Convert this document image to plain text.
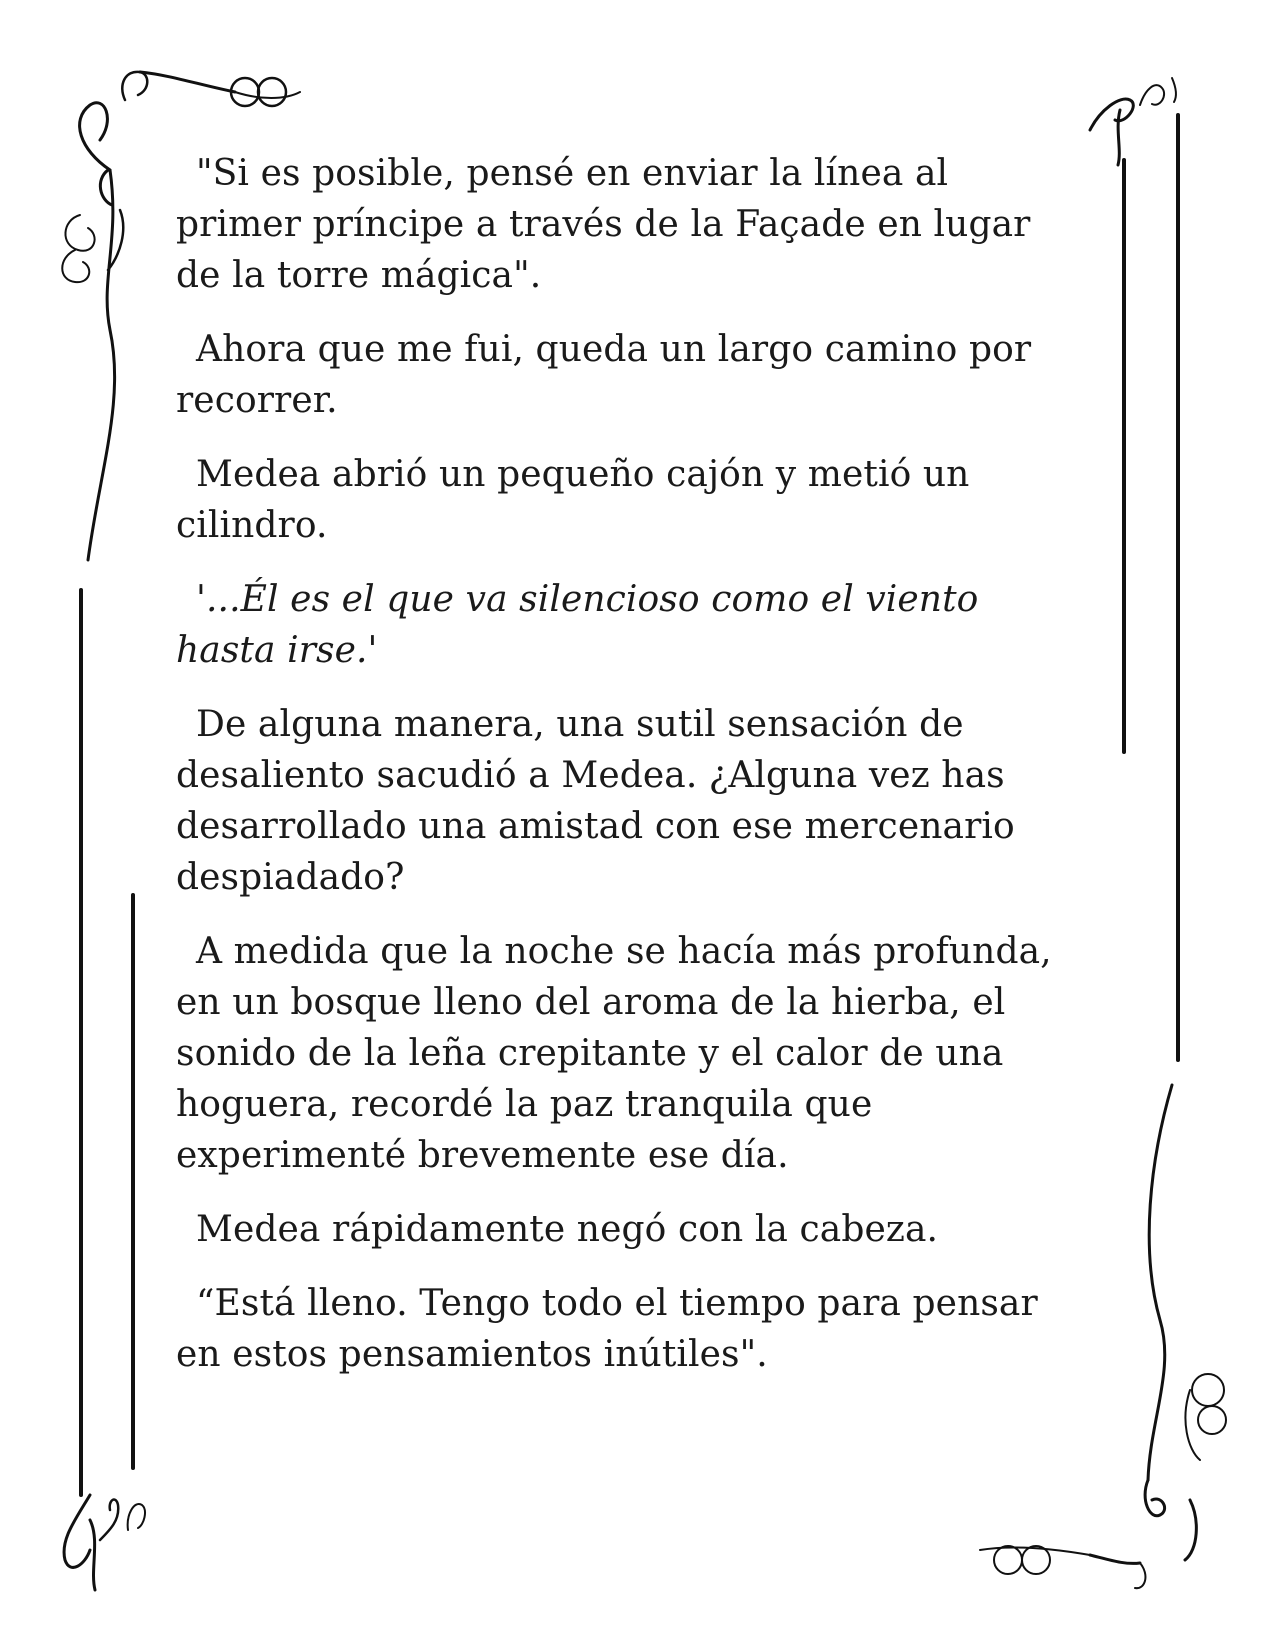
"Si es posible, pensé en enviar la línea al primer príncipe a través de la Façade en lugar de la torre mágica".

Ahora que me fui, queda un largo camino por recorrer.

Medea abrió un pequeño cajón y metió un cilindro.

'...Él es el que va silencioso como el viento hasta irse.'

De alguna manera, una sutil sensación de desaliento sacudió a Medea. ¿Alguna vez has desarrollado una amistad con ese mercenario despiadado?

A medida que la noche se hacía más profunda, en un bosque lleno del aroma de la hierba, el sonido de la leña crepitante y el calor de una hoguera, recordé la paz tranquila que experimenté brevemente ese día.

Medea rápidamente negó con la cabeza.

“Está lleno. Tengo todo el tiempo para pensar en estos pensamientos inútiles".
